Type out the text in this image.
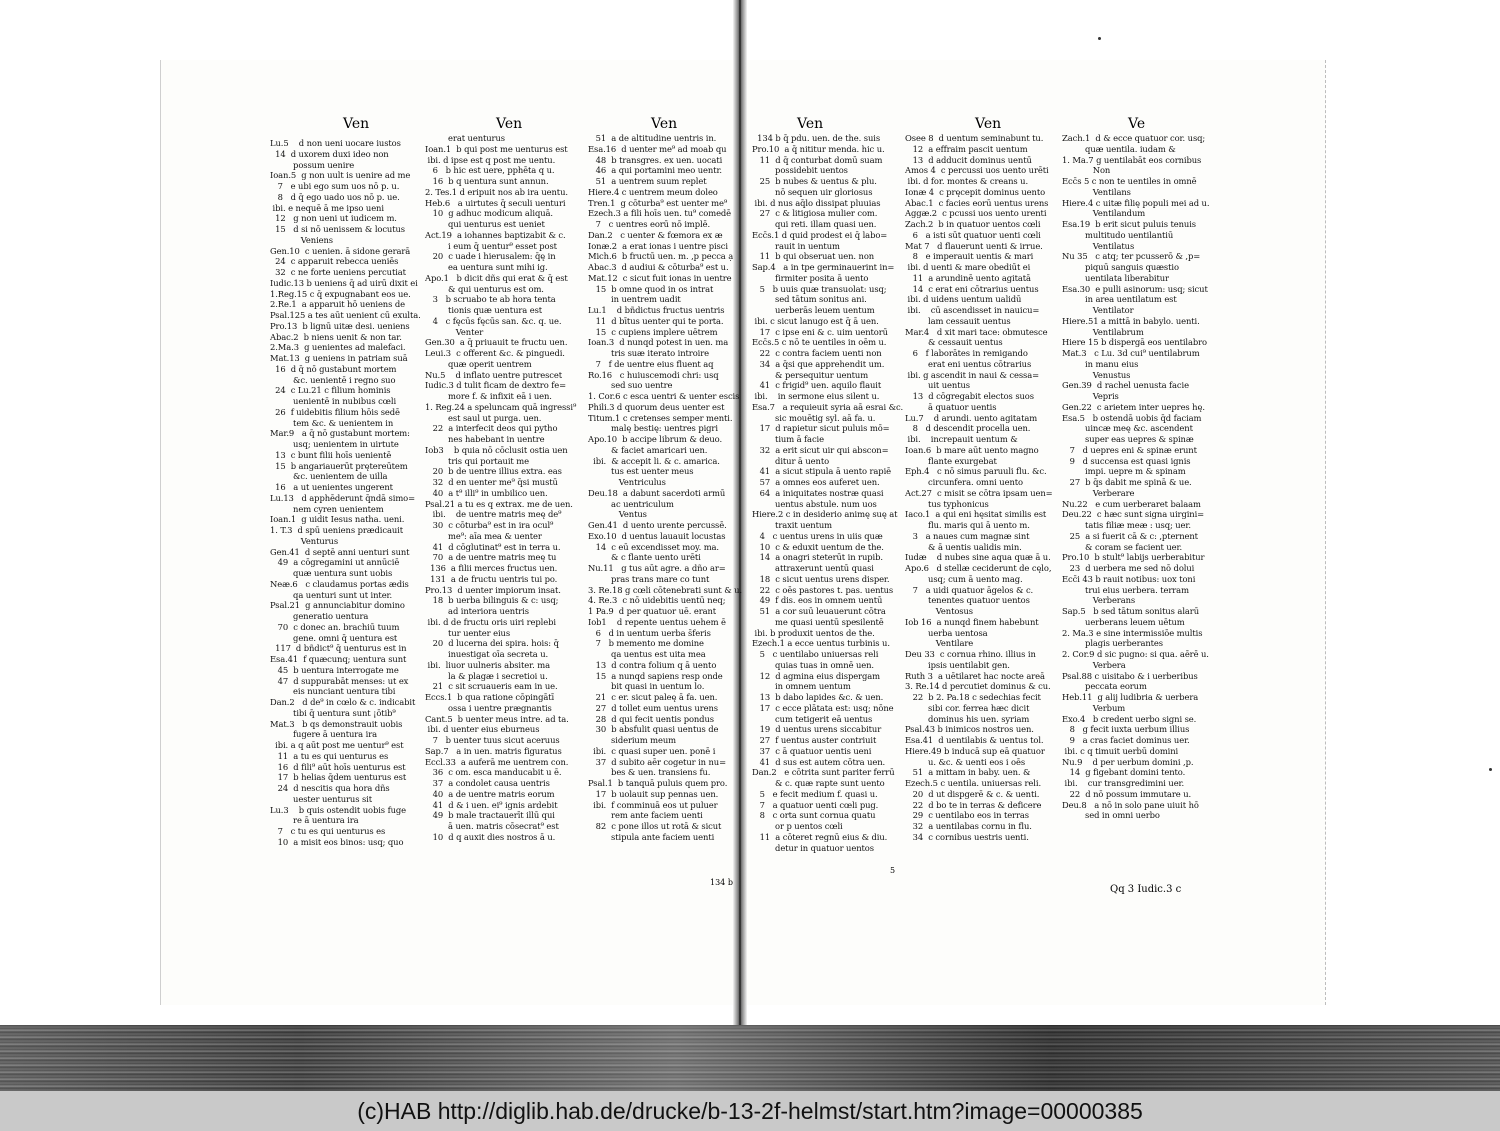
Ven	Ven	Ven	Ven	Ven	Ve
Lu.5    d non ueni uocare iustos
14  d uxorem duxi ideo non
possum uenire
Ioan.5  g non uult is uenire ad me
7   e ubi ego sum uos nō p. u.
8   d q̄ ego uado uos nō p. ue.
ibi. e nequē ā me ipso ueni
12   g non ueni ut iudicem m.
15   d si nō uenissem & locutus
Veniens
Gen.10  c uenien. ā sidone gerarā
24  c apparuit rebecca ueniēs
32  c ne forte ueniens percutiat
Iudic.13 b ueniens q̄ ad uirū dixit ei
1.Reg.15 c q̄ expugnabant eos ue.
2.Re.1  a apparuit hō ueniens de
Psal.125 a tes aūt uenient cū exulta.
Pro.13  b lignū uitæ desi. ueniens
Abac.2  b niens uenit & non tar.
2.Ma.3  g uenientes ad malefaci.
Mat.13  g ueniens in patriam suā
16  d q̄ nō gustabunt mortem
&c. uenientē i regno suo
24  c Lu.21 c filium hominis
uenientē in nubibus cœli
26  f uidebitis filium hōis sedē
tem &c. & uenientem in
Mar.9   a q̄ nō gustabunt mortem:
usq; uenientem in uirtute
13  c bunt filii hoīs uenientē
15  b angariauerūt prętereūtem
&c. uenientem de uilla
16   a ut uenientes ungerent
Lu.13   d apphēderunt q̄ndā simo=
nem cyren uenientem
Ioan.1  g uidit Iesus natha. ueni.
1. T.3  d spū ueniens prædicauit
Venturus
Gen.41  d septē anni uenturi sunt
49  a cōgregamini ut annūciē
quæ uentura sunt uobis
Neæ.6   c claudamus portas ædis
qa uenturi sunt ut inter.
Psal.21  g annunciabitur domino
generatio uentura
70  c donec an. brachiū tuum
gene. omni q̄ uentura est
117  d bñdict⁹ q̄ uenturus est in
Esa.41  f quæcunq; uentura sunt
45  b uentura interrogate me
47  d suppurabāt menses: ut ex
eis nunciant uentura tibi
Dan.2   d de⁹ in cœlo & c. indicabit
tibi q̄ uentura sunt ¡ōtib⁹
Mat.3   b qs demonstrauit uobis
fugere ā uentura ira
ibi. a q aūt post me uentur⁹ est
11  a tu es qui uenturus es
16  d fili⁹ aūt hoīs uenturus est
17  b helias q̄dem uenturus est
24  d nescitis qua hora dñs
uester uenturus sit
Lu.3    b quis ostendit uobis fuge
re ā uentura ira
7   c tu es qui uenturus es
10  a misit eos binos: usq; quo
erat uenturus
Ioan.1  b qui post me uenturus est
ibi. d ipse est q post me uentu.
6   b hic est uere, pphēta q u.
16  b q uentura sunt annun.
2. Tes.1 d eripuit nos ab ira uentu.
Heb.6   a uirtutes q̄ seculi uenturi
10  g adhuc modicum aliquā.
qui uenturus est ueniet
Act.19  a iohannes baptizabit & c.
i eum q̄ uentur⁹ esset post
20  c uade i hierusalem: q̄ę in
ea uentura sunt mihi ig.
Apo.1   b dicit dñs qui erat & q̄ est
& qui uenturus est om.
3   b scruabo te ab hora tenta
tionis quæ uentura est
4   c fęcūs fęcūs san. &c. q. ue.
Venter
Gen.30  a q̄ priuauit te fructu uen.
Leui.3  c offerent &c. & pinguedi.
quæ operit uentrem
Nu.5    d inflato uentre putrescet
Iudic.3 d tulit ficam de dextro fe=
more f. & infixit eā i uen.
1. Reg.24 a speluncam quā ingressi⁹
est saul ut purga. uen.
22  a interfecit deos qui pytho
nes habebant in uentre
Iob3    b quia nō cōclusit ostia uen
tris qui portauit me
20  b de uentre illius extra. eas
32  d en uenter me⁹ q̄si mustū
40  a t⁹ illi⁹ in umbilico uen.
Psal.21 a tu es q extrax. me de uen.
ibi.    de uentre matris meę de⁹
30  c cōturba⁹ est in ira ocul⁹
me⁹: aīa mea & uenter
41  d cōglutinat⁹ est in terra u.
70  a de uentre matris meę tu
136  a filii merces fructus uen.
131  a de fructu uentris tui po.
Pro.13  d uenter impiorum insat.
18  b uerba bilinguis & c: usq;
ad interiora uentris
ibi. d de fructu oris uiri replebi
tur uenter eius
20  d lucerna dei spira. hois: q̄
inuestigat oīa secreta u.
ibi.  liuor uulneris absiter. ma
la & plagæ i secretioi u.
21  c sit scruaueris eam in ue.
Eccs.1  b qua ratione cōpingātī
ossa i uentre prægnantis
Cant.5  b uenter meus intre. ad ta.
ibi. d uenter eius eburneus
7   b uenter tuus sicut aceruus
Sap.7   a in uen. matris figuratus
Eccl.33  a auferā me uentrem con.
36  c om. esca manducabit u ē.
37  a condolet causa uentris
40  a de uentre matris eorum
41  d & i uen. ei⁹ ignis ardebit
49  b male tractauerīt illū qui
ā uen. matris cōsecrat⁹ est
10  d q auxit dies nostros ā u.
51  a de altitudine uentris in.
Esa.16  d uenter me⁹ ad moab qu
48  b transgres. ex uen. uocati
46  a qui portamini meo uentr.
51  a uentrem suum replet
Hiere.4 c uentrem meum doleo
Tren.1  g cōturba⁹ est uenter me⁹
Ezech.3 a fili hoīs uen. tu⁹ comedē
7   c uentres eorū nō implē.
Dan.2   c uenter & fœmora ex æ
Ionæ.2  a erat ionas i uentre pisci
Mich.6  b fructū uen. m. ,p pecca ạ
Abac.3  d audiui & cōturba⁹ est u.
Mat.12  c sicut fuit ionas in uentre
15  b omne quod in os intrat
in uentrem uadit
Lu.1    d bñdictus fructus uentris
11  d bītus uenter qui te porta.
15  c cupiens implere uētrem
Ioan.3  d nunqd potest in uen. ma
tris suæ iterato introire
7   f de uentre eius fluent aq
Ro.16   c huiuscemodi chri: usq
sed suo uentre
1. Cor.6 c esca uentri & uenter escis
Phili.3 d quorum deus uenter est
Titum.1 c cretenses semper menti.
malę bestię: uentres pigri
Apo.10  b accipe librum & deuo.
& faciet amaricari uen.
ibi.  & accepit li. & c. amarica.
tus est uenter meus
Ventriculus
Deu.18  a dabunt sacerdoti armū
ac uentriculum
Ventus
Gen.41  d uento urente percussē.
Exo.10  d uentus lauauit locustas
14  c eū excendisset moy. ma.
& c flante uento urēti
Nu.11   g tus aūt agre. a dño ar=
pras trans mare co tunt
3. Re.18 g cœli cōtenebrati sunt & u.
4. Re.3  c nō uidebitis uentū neq;
1 Pa.9  d per quatuor uē. erant
Iob1    d repente uentus uehem ē
6   d in uentum uerba s̄feris
7   b memento me domine
qa uentus est uita mea
13  d contra folium q ā uento
15  a nunqd sapiens resp onde
bit quasi in uentum lo.
21  c er. sicut paleę ā fa. uen.
27  d tollet eum uentus urens
28  d qui fecit uentis pondus
30  b absfulit quasi uentus de
siderium meum
ibi.  c quasi super uen. ponē i
37  d subito aēr cogetur in nu=
bes & uen. transiens fu.
Psal.1  b tanquā puluis quem pro.
17  b uolauit sup pennas uen.
ibi.  f comminuā eos ut puluer
rem ante faciem uenti
82  c pone illos ut rotā & sicut
stipula ante faciem uenti
134 b q̄ pdu. uen. de the. suis
Pro.10  a q̄ nititur menda. hic u.
11  d q̄ conturbat domū suam
possidebit uentos
25  b nubes & uentus & plu.
nō sequen uir gloriosus
ibi. d nus aq̄lo dissipat pluuias
27  c & litigiosa mulier com.
qui reti. illam quasi uen.
Ecc̄s.1 d quid prodest ei q̄ labo=
rauit in uentum
11  b qui obseruat uen. non
Sap.4   a in tpe germinauerint in=
firmiter posita ā uento
5   b uuis quæ transuolat: usq;
sed tātum sonitus ani.
uerberās leuem uentum
ibi. c sicut lanugo est q̄ ā uen.
17  c ipse eni & c. uim uentorū
Ecc̄s.5 c nō te uentiles in oēm u.
22  c contra faciem uenti non
34  a q̄si que apprehendit um.
& persequitur uentum
41  c frigid⁹ uen. aquilo flauit
ibi.    in sermone eius silent u.
Esa.7   a requieuit syria aā esrai &c.
sic mouētig syl. aā fa. u.
17  d rapietur sicut puluis mō=
tium ā facie
32  a erit sicut uir qui abscon=
ditur ā uento
41  a sicut stipula ā uento rapiē
57  a omnes eos auferet uen.
64  a iniquitates nostræ quasi
uentus abstule. num uos
Hiere.2 c in desiderio animę suę at
traxit uentum
4   c uentus urens in uiis quæ
10  c & eduxit uentum de the.
14  a onagri steterūt in rupib.
attraxerunt uentū quasi
18  c sicut uentus urens disper.
22  c oēs pastores t. pas. uentus
49  f dis. eos in omnem uentū
51  a cor suū leuauerunt cōtra
me quasi uentū spe̛silentē
ibi. b produxit uentos de the.
Ezech.1 a ecce uentus turbinis u.
5   c uentilabo uniuersas reli
quias tuas in omnē uen.
12  d agmina eius dispergam
in omnem uentum
13  b dabo lapides &c. & uen.
17  c ecce plātata est: usq; nōne
cum tetigerit eā uentus
19  d uentus urens siccabitur
27  f uentus auster contriuit
37  c ā quatuor uentis ueni
41  d sus est autem cōtra uen.
Dan.2   e cōtrita sunt pariter ferrū
& c. quæ rapte sunt uento
5   e fecit medium f. quasi u.
7   a quatuor uenti cœli pug.
8   c orta sunt cornua quatu
or p uentos cœli
11  a cōteret regnū eius & diu.
detur in quatuor uentos
Osee 8  d uentum seminabunt tu.
12  a effraim pascit uentum
13  d adducit dominus uentū
Amos 4  c percussi uos uento urēti
ibi. d for. montes & creans u.
Ionæ 4  c pręcepit dominus uento
Abac.1  c facies eorū uentus urens
Aggæ.2  c pcussi uos uento urenti
Zach.2  b in quatuor uentos cœli
6   a isti sūt quatuor uenti cœli
Mat 7   d flauerunt uenti & irrue.
8   e imperauit uentis & mari
ibi. d uenti & mare obediūt ei
11  a arundinē uento agitatā
14  c erat eni cōtrarius uentus
ibi. d uidens uentum ualidū
ibi.    cū ascendisset in nauicu=
lam cessauit uentus
Mar.4   d xit mari tace: obmutesce
& cessauit uentus
6   f laborātes in remigando
erat eni uentus cōtrarius
ibi. g ascendit in naui & cessa=
uit uentus
13  d cōgregabit electos suos
ā quatuor uentis
Lu.7    d arundi. uento agitatam
8   d descendit procella uen.
ibi.    increpauit uentum &
Ioan.6  b mare aūt uento magno
flante exurgebat
Eph.4   c nō simus paruuli flu. &c.
circunfera. omni uento
Act.27  c misit se cōtra ipsam uen=
tus typhonicus
Iaco.1  a qui eni hęsitat similis est
flu. maris qui ā uento m.
3   a naues cum magnæ sint
& ā uentis ualidis min.
Iudæ    d nubes sine aqua quæ ā u.
Apo.6   d stellæ ceciderunt de cęlo,
usq; cum ā uento mag.
7   a uidi quatuor āgelos & c.
tenentes quatuor uentos
Ventosus
Iob 16  a nunqd finem habebunt
uerba uentosa
Ventilare
Deu 33  c cornua rhino. illius in
ipsis uentilabit gen.
Ruth 3  a uētilaret hac nocte areā
3. Re.14 d percutiet dominus & cu.
22  b 2. Pa.18 c sedechias fecit
sibi cor. ferrea hæc dicit
dominus his uen. syriam
Psal.43 b inimicos nostros uen.
Esa.41  d uentilabis & uentus tol.
Hiere.49 b inducā sup eā quatuor
u. &c. & uenti eos i oēs
51  a mittam in baby. uen. &
Ezech.5 c uentila. uniuersas reli.
20  d ut dispgerē & c. & uenti.
22  d bo te in terras & deficere
29  c uentilabo eos in terras
32  a uentilabas cornu in flu.
34  c cornibus uestris uenti.
Zach.1  d & ecce quatuor cor. usq;
quæ uentila. iudam &
1. Ma.7 g uentilabāt eos cornibus
Non
Ecc̄s 5 c non te uentiles in omnē
Ventilans
Hiere.4 c uitæ filię populi mei ad u.
Ventilandum
Esa.19  b erit sicut puluis tenuis
multitudo uentilantiū
Ventilatus
Nu 35   c atq; ter pcusserō & ,p=
piquū sanguis quæstio
uentilata liberabitur
Esa.30  e pulli asinorum: usq; sicut
in area uentilatum est
Ventilator
Hiere.51 a mittā in babylo. uenti.
Ventilabrum
Hiere 15 b dispergā eos uentilabro
Mat.3   c Lu. 3d cui⁹ uentilabrum
in manu eius
Venustus
Gen.39  d rachel uenusta facie
Vepris
Gen.22  c arietem inter uepres hę.
Esa.5   b ostendā uobis q̄d faciam
uincæ meę &c. ascendent
super eas uepres & spinæ
7   d uepres eni & spinæ erunt
9   d succensa est quasi ignis
impi. uepre m & spinam
27  b q̄s dabit me spinā & ue.
Verberare
Nu.22   e cum uerberaret balaam
Deu.22  c hæc sunt signa uirgini=
tatis filiæ meæ : usq; uer.
25  a si fuerit cā & c: ,pternent
& coram se facient uer.
Pro.10  b stult⁹ labijs uerberabitur
23  d uerbera me sed nō dolui
Ecc̄i 43 b rauit notibus: uox toni
trui eius uerbera. terram
Verberans
Sap.5   b sed tātum sonitus alarū
uerberans leuem uētum
2. Ma.3 e sine intermissiōe multis
plagis uerberantes
2. Cor.9 d sic pugno: si qua. aērē u.
Verbera
Psal.88 c uisitabo & i uerberibus
peccata eorum
Heb.11  g alij ludibria & uerbera
Verbum
Exo.4   b credent uerbo signi se.
8   g fecit iuxta uerbum illius
9   a cras faciet dominus uer.
ibi. c q timuit uerbū domini
Nu.9    d per uerbum domini ,p.
14  g figebant domini tento.
ibi.    cur transgredimini uer.
22  d nō possum immutare u.
Deu.8   a nō in solo pane uiuit hō
sed in omni uerbo
134 b
5
Qq 3 Iudic.3 c
(c)HAB http://diglib.hab.de/drucke/b-13-2f-helmst/start.htm?image=00000385
